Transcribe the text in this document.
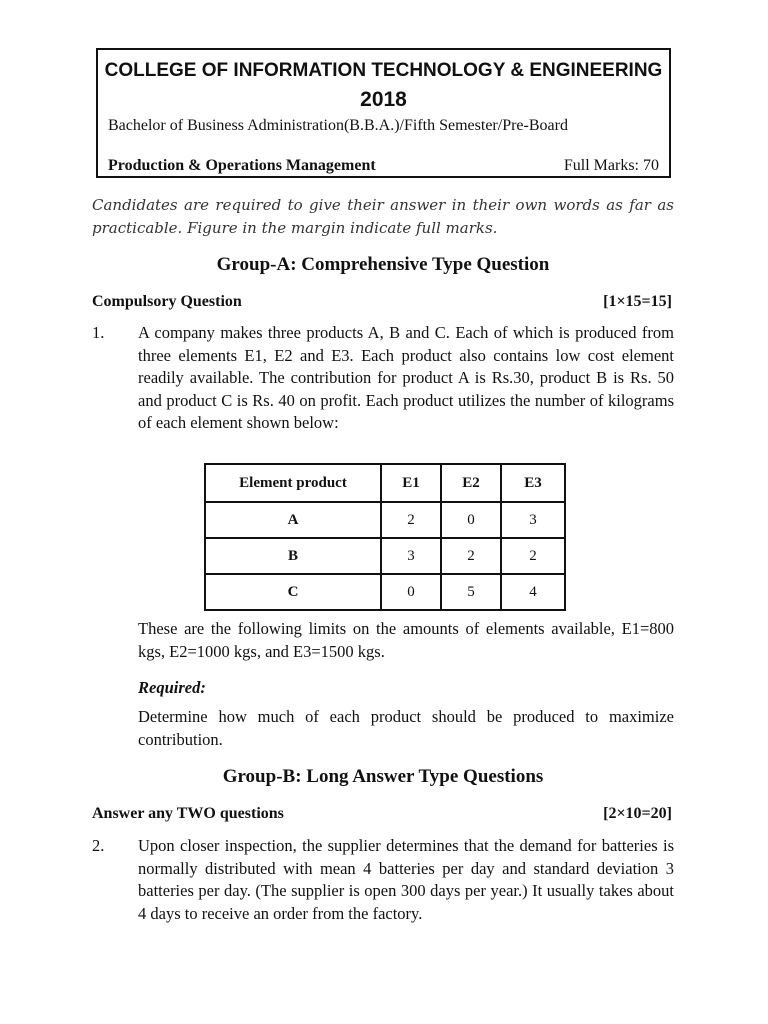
COLLEGE OF INFORMATION TECHNOLOGY & ENGINEERING
2018
Bachelor of Business Administration(B.B.A.)/Fifth Semester/Pre-Board
Production & Operations Management	Full Marks: 70
Candidates are required to give their answer in their own words as far as practicable. Figure in the margin indicate full marks.
Group-A: Comprehensive Type Question
Compulsory Question	[1×15=15]
1. A company makes three products A, B and C. Each of which is produced from three elements E1, E2 and E3. Each product also contains low cost element readily available. The contribution for product A is Rs.30, product B is Rs. 50 and product C is Rs. 40 on profit. Each product utilizes the number of kilograms of each element shown below:
Element product	E1	E2	E3
A	2	0	3
B	3	2	2
C	0	5	4
These are the following limits on the amounts of elements available, E1=800 kgs, E2=1000 kgs, and E3=1500 kgs.
Required:
Determine how much of each product should be produced to maximize contribution.
Group-B: Long Answer Type Questions
Answer any TWO questions	[2×10=20]
2. Upon closer inspection, the supplier determines that the demand for batteries is normally distributed with mean 4 batteries per day and standard deviation 3 batteries per day. (The supplier is open 300 days per year.) It usually takes about 4 days to receive an order from the factory.
